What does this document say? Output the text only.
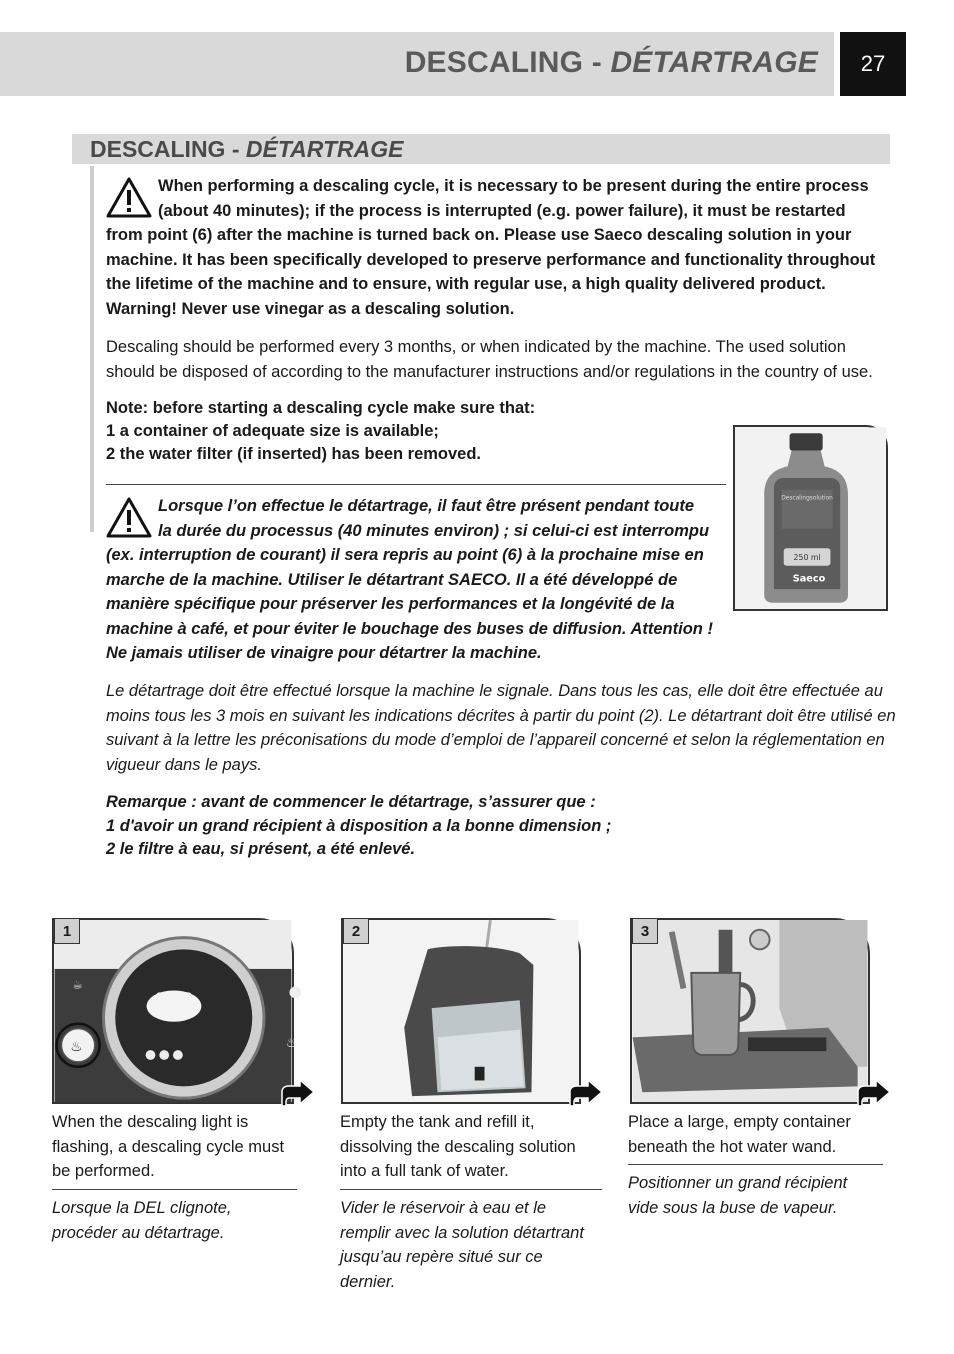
DESCALING - DÉTARTRAGE 27
DESCALING - DÉTARTRAGE
When performing a descaling cycle, it is necessary to be present during the entire process
(about 40 minutes); if the process is interrupted (e.g. power failure), it must be restarted
from point (6) after the machine is turned back on. Please use Saeco descaling solution in your machine. It has been specifically developed to preserve performance and functionality throughout the lifetime of the machine and to ensure, with regular use, a high quality delivered product. Warning! Never use vinegar as a descaling solution.
Descaling should be performed every 3 months, or when indicated by the machine. The used solution should be disposed of according to the manufacturer instructions and/or regulations in the country of use.
Note: before starting a descaling cycle make sure that:
1 a container of adequate size is available;
2 the water filter (if inserted) has been removed.
Descalingsolution
250 ml
Saeco
Lorsque l’on effectue le détartrage, il faut être présent pendant toute
la durée du processus (40 minutes environ) ; si celui-ci est interrompu
(ex. interruption de courant) il sera repris au point (6) à la prochaine mise en marche de la machine. Utiliser le détartrant SAECO. Il a été développé de manière spécifique pour préserver les performances et la longévité de la machine à café, et pour éviter le bouchage des buses de diffusion. Attention ! Ne jamais utiliser de vinaigre pour détartrer la machine.
Le détartrage doit être effectué lorsque la machine le signale. Dans tous les cas, elle doit être effectuée au moins tous les 3 mois en suivant les indications décrites à partir du point (2). Le détartrant doit être utilisé en suivant à la lettre les préconisations du mode d’emploi de l’appareil concerné et selon la réglementation en vigueur dans le pays.
Remarque : avant de commencer le détartrage, s’assurer que :
1 d'avoir un grand récipient à disposition a la bonne dimension ;
2 le filtre à eau, si présent, a été enlevé.
☕
♨
♨
1

When the descaling light is flashing, a descaling cycle must be performed.

Lorsque la DEL clignote, procéder au détartrage.

2

Empty the tank and refill it, dissolving the descaling solution into a full tank of water.

Vider le réservoir à eau et le remplir avec la solution détartrant jusqu’au repère situé sur ce dernier.

3

Place a large, empty container beneath the hot water wand.

Positionner un grand récipient vide sous la buse de vapeur.
